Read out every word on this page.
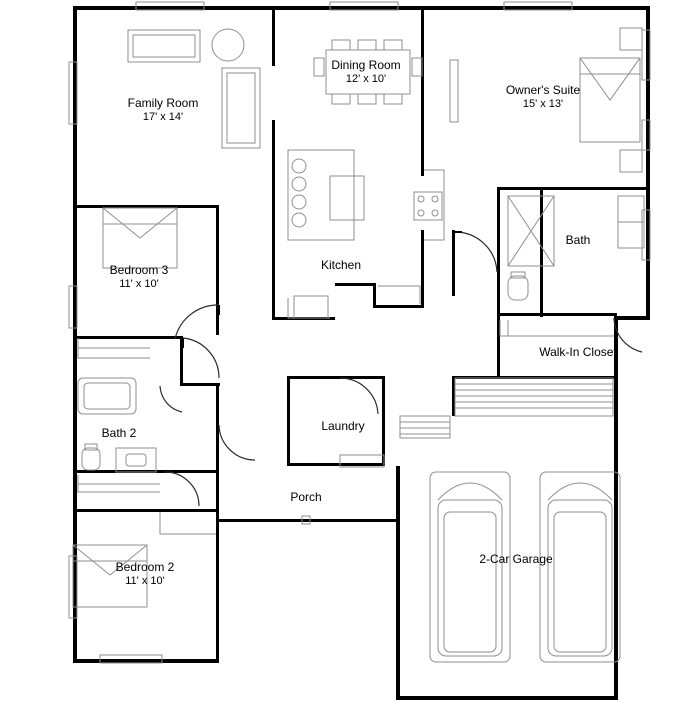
Family Room
17' x 14'
Dining Room
12' x 10'
Owner's Suite
15' x 13'
Bedroom 3
11' x 10'
Kitchen
Bath
Walk-In Closet
Bath 2	Laundry
Porch
2-Car Garage
Bedroom 2
11' x 10'
